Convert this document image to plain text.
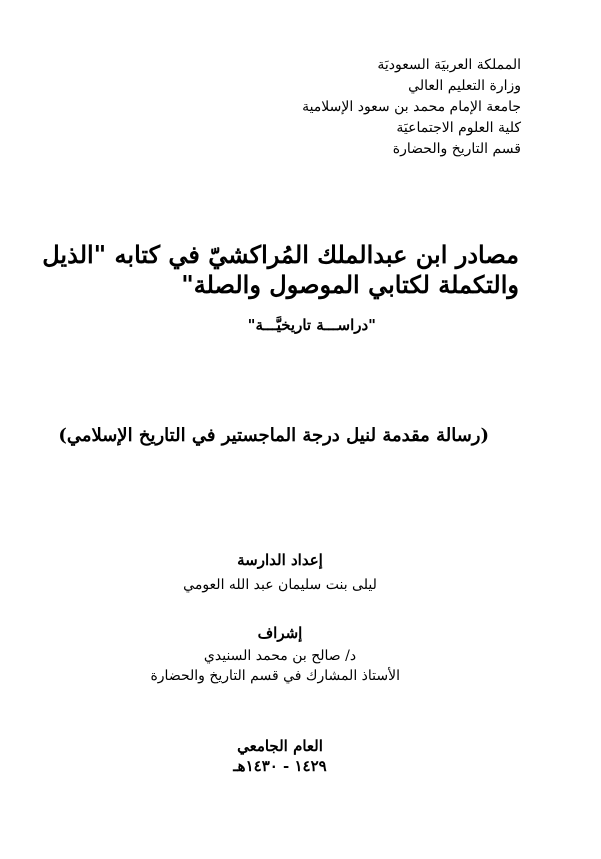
المملكة العربيَة السعوديَة
وزارة التعليم العالي
جامعة الإمام محمد بن سعود الإسلامية
كلية العلوم الاجتماعيَة
قسم التاريخ والحضارة
مصادر ابن عبدالملك المُراكشيّ في كتابه "الذيل
والتكملة لكتابي الموصول والصلة"
"دراســـة تاريخيَّـــة"
(رسالة مقدمة لنيل درجة الماجستير في التاريخ الإسلامي)
إعداد الدارسة
ليلى بنت سليمان عبد الله العومي
إشراف
د/ صالح بن محمد السنيدي
الأستاذ المشارك في قسم التاريخ والحضارة
العام الجامعي
١٤٢٩ - ١٤٣٠هـ
